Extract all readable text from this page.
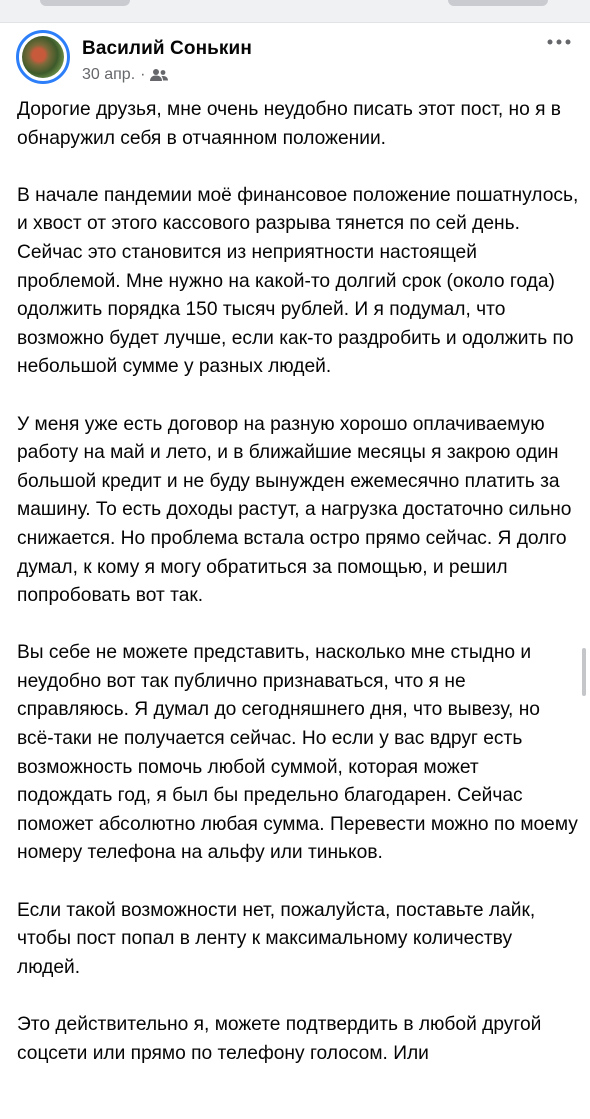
Василий Сонькин
30 апр. ·

Дорогие друзья, мне очень неудобно писать этот пост, но я в обнаружил себя в отчаянном положении.

В начале пандемии моё финансовое положение пошатнулось, и хвост от этого кассового разрыва тянется по сей день. Сейчас это становится из неприятности настоящей проблемой. Мне нужно на какой-то долгий срок (около года) одолжить порядка 150 тысяч рублей. И я подумал, что возможно будет лучше, если как-то раздробить и одолжить по небольшой сумме у разных людей.

У меня уже есть договор на разную хорошо оплачиваемую работу на май и лето, и в ближайшие месяцы я закрою один большой кредит и не буду вынужден ежемесячно платить за машину. То есть доходы растут, а нагрузка достаточно сильно снижается. Но проблема встала остро прямо сейчас. Я долго думал, к кому я могу обратиться за помощью, и решил попробовать вот так.

Вы себе не можете представить, насколько мне стыдно и неудобно вот так публично признаваться, что я не справляюсь. Я думал до сегодняшнего дня, что вывезу, но всё-таки не получается сейчас. Но если у вас вдруг есть возможность помочь любой суммой, которая может подождать год, я был бы предельно благодарен. Сейчас поможет абсолютно любая сумма. Перевести можно по моему номеру телефона на альфу или тиньков.

Если такой возможности нет, пожалуйста, поставьте лайк, чтобы пост попал в ленту к максимальному количеству людей.

Это действительно я, можете подтвердить в любой другой соцсети или прямо по телефону голосом. Или
